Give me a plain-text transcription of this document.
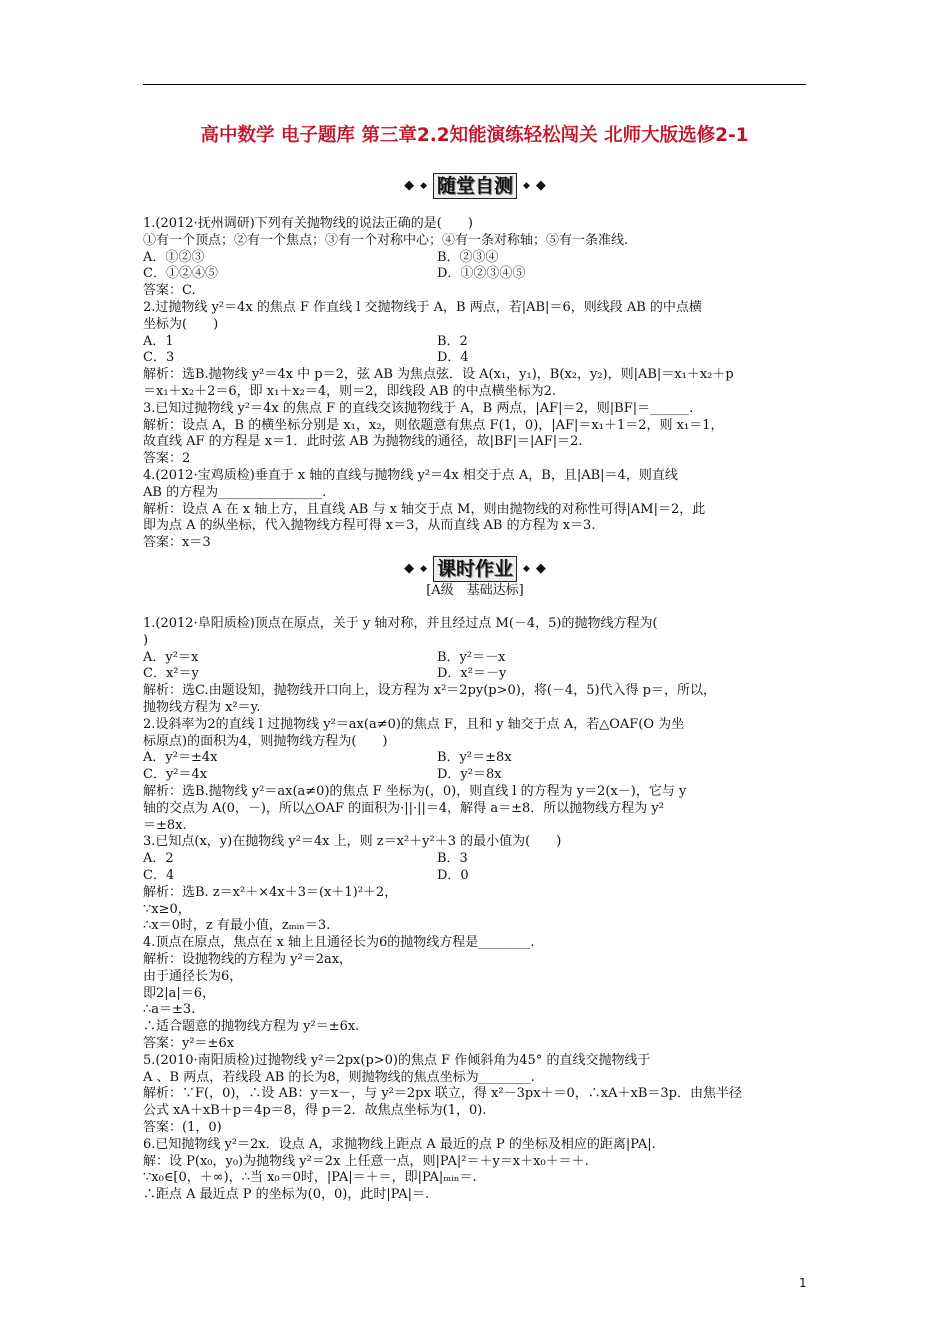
高中数学 电子题库 第三章2.2知能演练轻松闯关 北师大版选修2-1
◆ ◆ 随堂自测 ◆ ◆
1.(2012·抚州调研)下列有关抛物线的说法正确的是(　　)
①有一个顶点；②有一个焦点；③有一个对称中心；④有一条对称轴；⑤有一条准线.
A．①②③	B．②③④
C．①②④⑤	D．①②③④⑤
答案：C.
2.过抛物线 y²＝4x 的焦点 F 作直线 l 交抛物线于 A，B 两点，若|AB|＝6，则线段 AB 的中点横
坐标为(　　)
A．1	B．2
C．3	D．4
解析：选B.抛物线 y²＝4x 中 p＝2，弦 AB 为焦点弦．设 A(x₁，y₁)，B(x₂，y₂)，则|AB|＝x₁＋x₂＋p
＝x₁＋x₂＋2＝6，即 x₁＋x₂＝4，则＝2，即线段 AB 的中点横坐标为2.
3.已知过抛物线 y²＝4x 的焦点 F 的直线交该抛物线于 A，B 两点，|AF|＝2，则|BF|＝______.
解析：设点 A，B 的横坐标分别是 x₁，x₂，则依题意有焦点 F(1，0)，|AF|＝x₁＋1＝2，则 x₁＝1，
故直线 AF 的方程是 x＝1．此时弦 AB 为抛物线的通径，故|BF|＝|AF|＝2.
答案：2
4.(2012·宝鸡质检)垂直于 x 轴的直线与抛物线 y²＝4x 相交于点 A，B，且|AB|＝4，则直线
AB 的方程为________________.
解析：设点 A 在 x 轴上方，且直线 AB 与 x 轴交于点 M，则由抛物线的对称性可得|AM|＝2，此
即为点 A 的纵坐标，代入抛物线方程可得 x＝3，从而直线 AB 的方程为 x＝3.
答案：x＝3
◆ ◆ 课时作业 ◆ ◆
[A级　基础达标]
1.(2012·阜阳质检)顶点在原点，关于 y 轴对称，并且经过点 M(－4，5)的抛物线方程为(
)
A．y²＝x	B．y²＝－x
C．x²＝y	D．x²＝－y
解析：选C.由题设知，抛物线开口向上，设方程为 x²＝2py(p>0)，将(－4，5)代入得 p＝，所以，
抛物线方程为 x²＝y.
2.设斜率为2的直线 l 过抛物线 y²＝ax(a≠0)的焦点 F，且和 y 轴交于点 A，若△OAF(O 为坐
标原点)的面积为4，则抛物线方程为(　　)
A．y²＝±4x	B．y²＝±8x
C．y²＝4x	D．y²＝8x
解析：选B.抛物线 y²＝ax(a≠0)的焦点 F 坐标为(，0)，则直线 l 的方程为 y＝2(x－)，它与 y
轴的交点为 A(0，－)，所以△OAF 的面积为·||·||＝4，解得 a＝±8．所以抛物线方程为 y²
＝±8x.
3.已知点(x，y)在抛物线 y²＝4x 上，则 z＝x²＋y²＋3 的最小值为(　　)
A．2	B．3
C．4	D．0
解析：选B. z＝x²＋×4x＋3＝(x＋1)²＋2，
∵x≥0，
∴x＝0时，z 有最小值，zₘᵢₙ＝3.
4.顶点在原点，焦点在 x 轴上且通径长为6的抛物线方程是________.
解析：设抛物线的方程为 y²＝2ax，
由于通径长为6，
即2|a|＝6，
∴a＝±3.
∴适合题意的抛物线方程为 y²＝±6x.
答案：y²＝±6x
5.(2010·南阳质检)过抛物线 y²＝2px(p>0)的焦点 F 作倾斜角为45° 的直线交抛物线于
A 、B 两点，若线段 AB 的长为8，则抛物线的焦点坐标为________.
解析：∵F(，0)，∴设 AB：y＝x－，与 y²＝2px 联立，得 x²－3px＋＝0，∴xA＋xB＝3p．由焦半径
公式 xA＋xB＋p＝4p＝8，得 p＝2．故焦点坐标为(1，0).
答案：(1，0)
6.已知抛物线 y²＝2x．设点 A，求抛物线上距点 A 最近的点 P 的坐标及相应的距离|PA|.
解：设 P(x₀，y₀)为抛物线 y²＝2x 上任意一点，则|PA|²＝＋y＝x＋x₀＋＝＋.
∵x₀∈[0，＋∞)，∴当 x₀＝0时，|PA|＝＋＝，即|PA|ₘᵢₙ＝.
∴距点 A 最近点 P 的坐标为(0，0)，此时|PA|＝.
1
